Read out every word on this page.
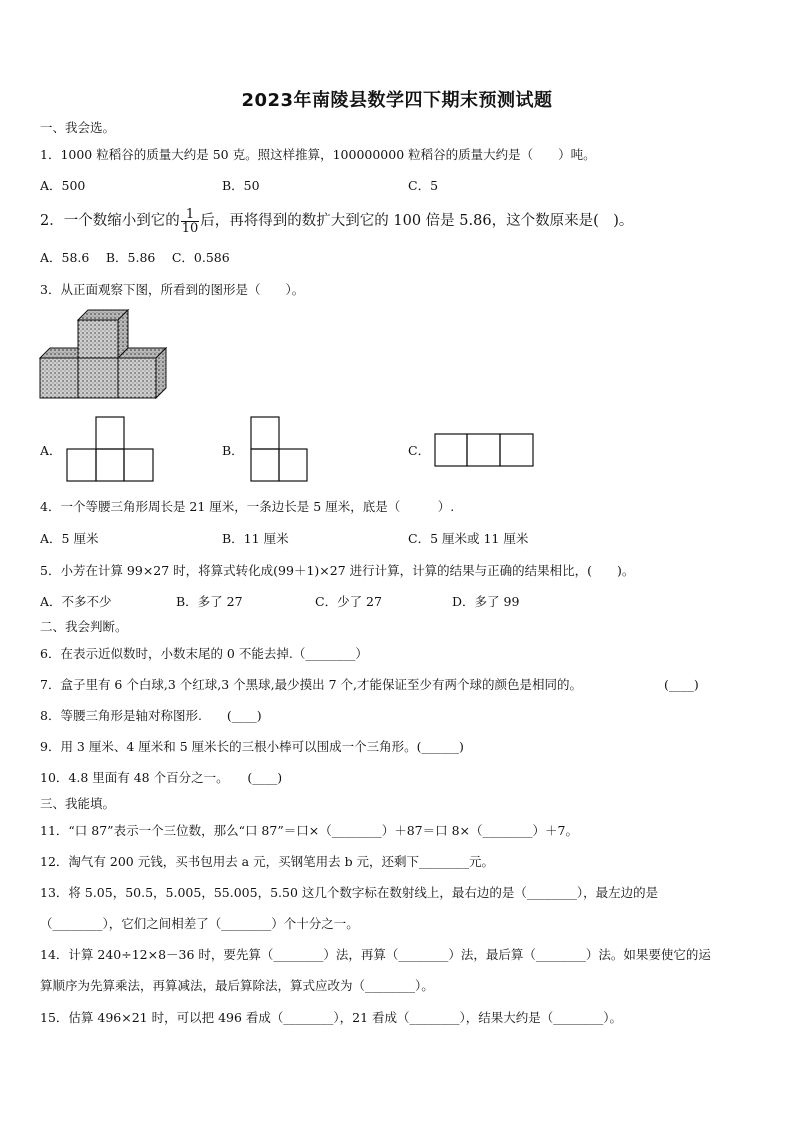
2023年南陵县数学四下期末预测试题
一、我会选。
1．1000 粒稻谷的质量大约是 50 克。照这样推算，100000000 粒稻谷的质量大约是（　　）吨。
A．500	B．50	C．5
2．一个数缩小到它的 $\frac{1}{10}$ 后，再将得到的数扩大到它的 100 倍是 5.86，这个数原来是(　)。
A．58.6　 B．5.86　 C．0.586
3．从正面观察下图，所看到的图形是（　　）。
A．	B．	C．
4．一个等腰三角形周长是 21 厘米，一条边长是 5 厘米，底是（　　　）.
A．5 厘米	B．11 厘米	C．5 厘米或 11 厘米
5．小芳在计算 99×27 时，将算式转化成(99＋1)×27 进行计算，计算的结果与正确的结果相比，(　　)。
A．不多不少	B．多了 27	C．少了 27	D．多了 99
二、我会判断。
6．在表示近似数时，小数末尾的 0 不能去掉.（________）
7．盒子里有 6 个白球,3 个红球,3 个黑球,最少摸出 7 个,才能保证至少有两个球的颜色是相同的。	(____)
8．等腰三角形是轴对称图形.　　(____)
9．用 3 厘米、4 厘米和 5 厘米长的三根小棒可以围成一个三角形。(______)
10．4.8 里面有 48 个百分之一。　　(____)
三、我能填。
11．“口 87”表示一个三位数，那么“口 87”＝口×（________）＋87＝口 8×（________）＋7。
12．淘气有 200 元钱，买书包用去 a 元，买钢笔用去 b 元，还剩下________元。
13．将 5.05，50.5，5.005，55.005，5.50 这几个数字标在数射线上，最右边的是（________），最左边的是
（________），它们之间相差了（________）个十分之一。
14．计算 240÷12×8－36 时，要先算（________）法，再算（________）法，最后算（________）法。如果要使它的运
算顺序为先算乘法，再算减法，最后算除法，算式应改为（________）。
15．估算 496×21 时，可以把 496 看成（________），21 看成（________），结果大约是（________）。
